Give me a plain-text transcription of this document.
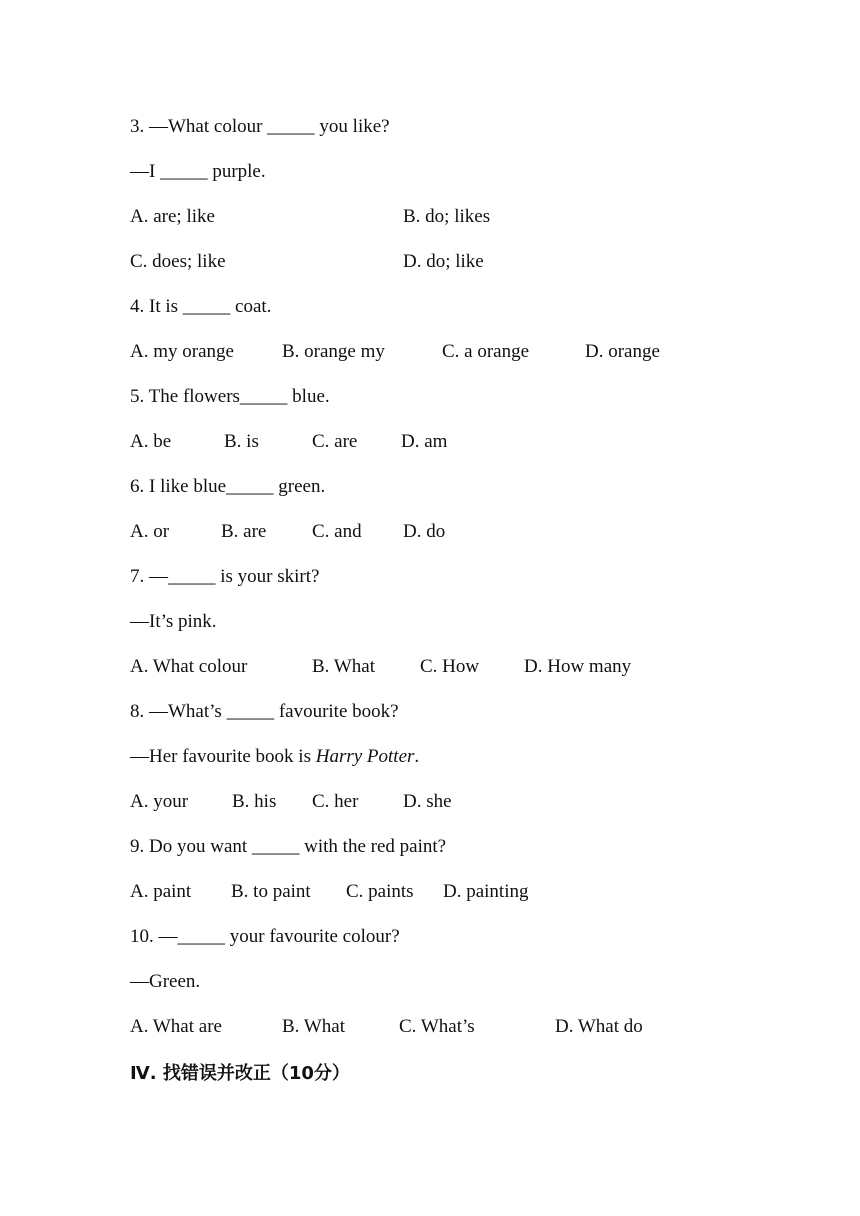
3. —What colour _____ you like?
—I _____ purple.
A. are; like	B. do; likes
C. does; like	D. do; like
4. It is _____ coat.
A. my orange	B. orange my	C. a orange	D. orange
5. The flowers_____ blue.
A. be	B. is	C. are D. am
6. I like blue_____ green.
A. or	B. are C. and D. do
7. —_____ is your skirt?
—It’s pink.
A. What colour	B. What C. How D. How many
8. —What’s _____ favourite book?
—Her favourite book is Harry Potter.
A. your B. his C. her D. she
9. Do you want _____ with the red paint?
A. paint B. to paint C. paints D. painting
10. —_____ your favourite colour?
—Green.
A. What are	B. What	C. What’s	D. What do
Ⅳ. 找错误并改正（10分）
